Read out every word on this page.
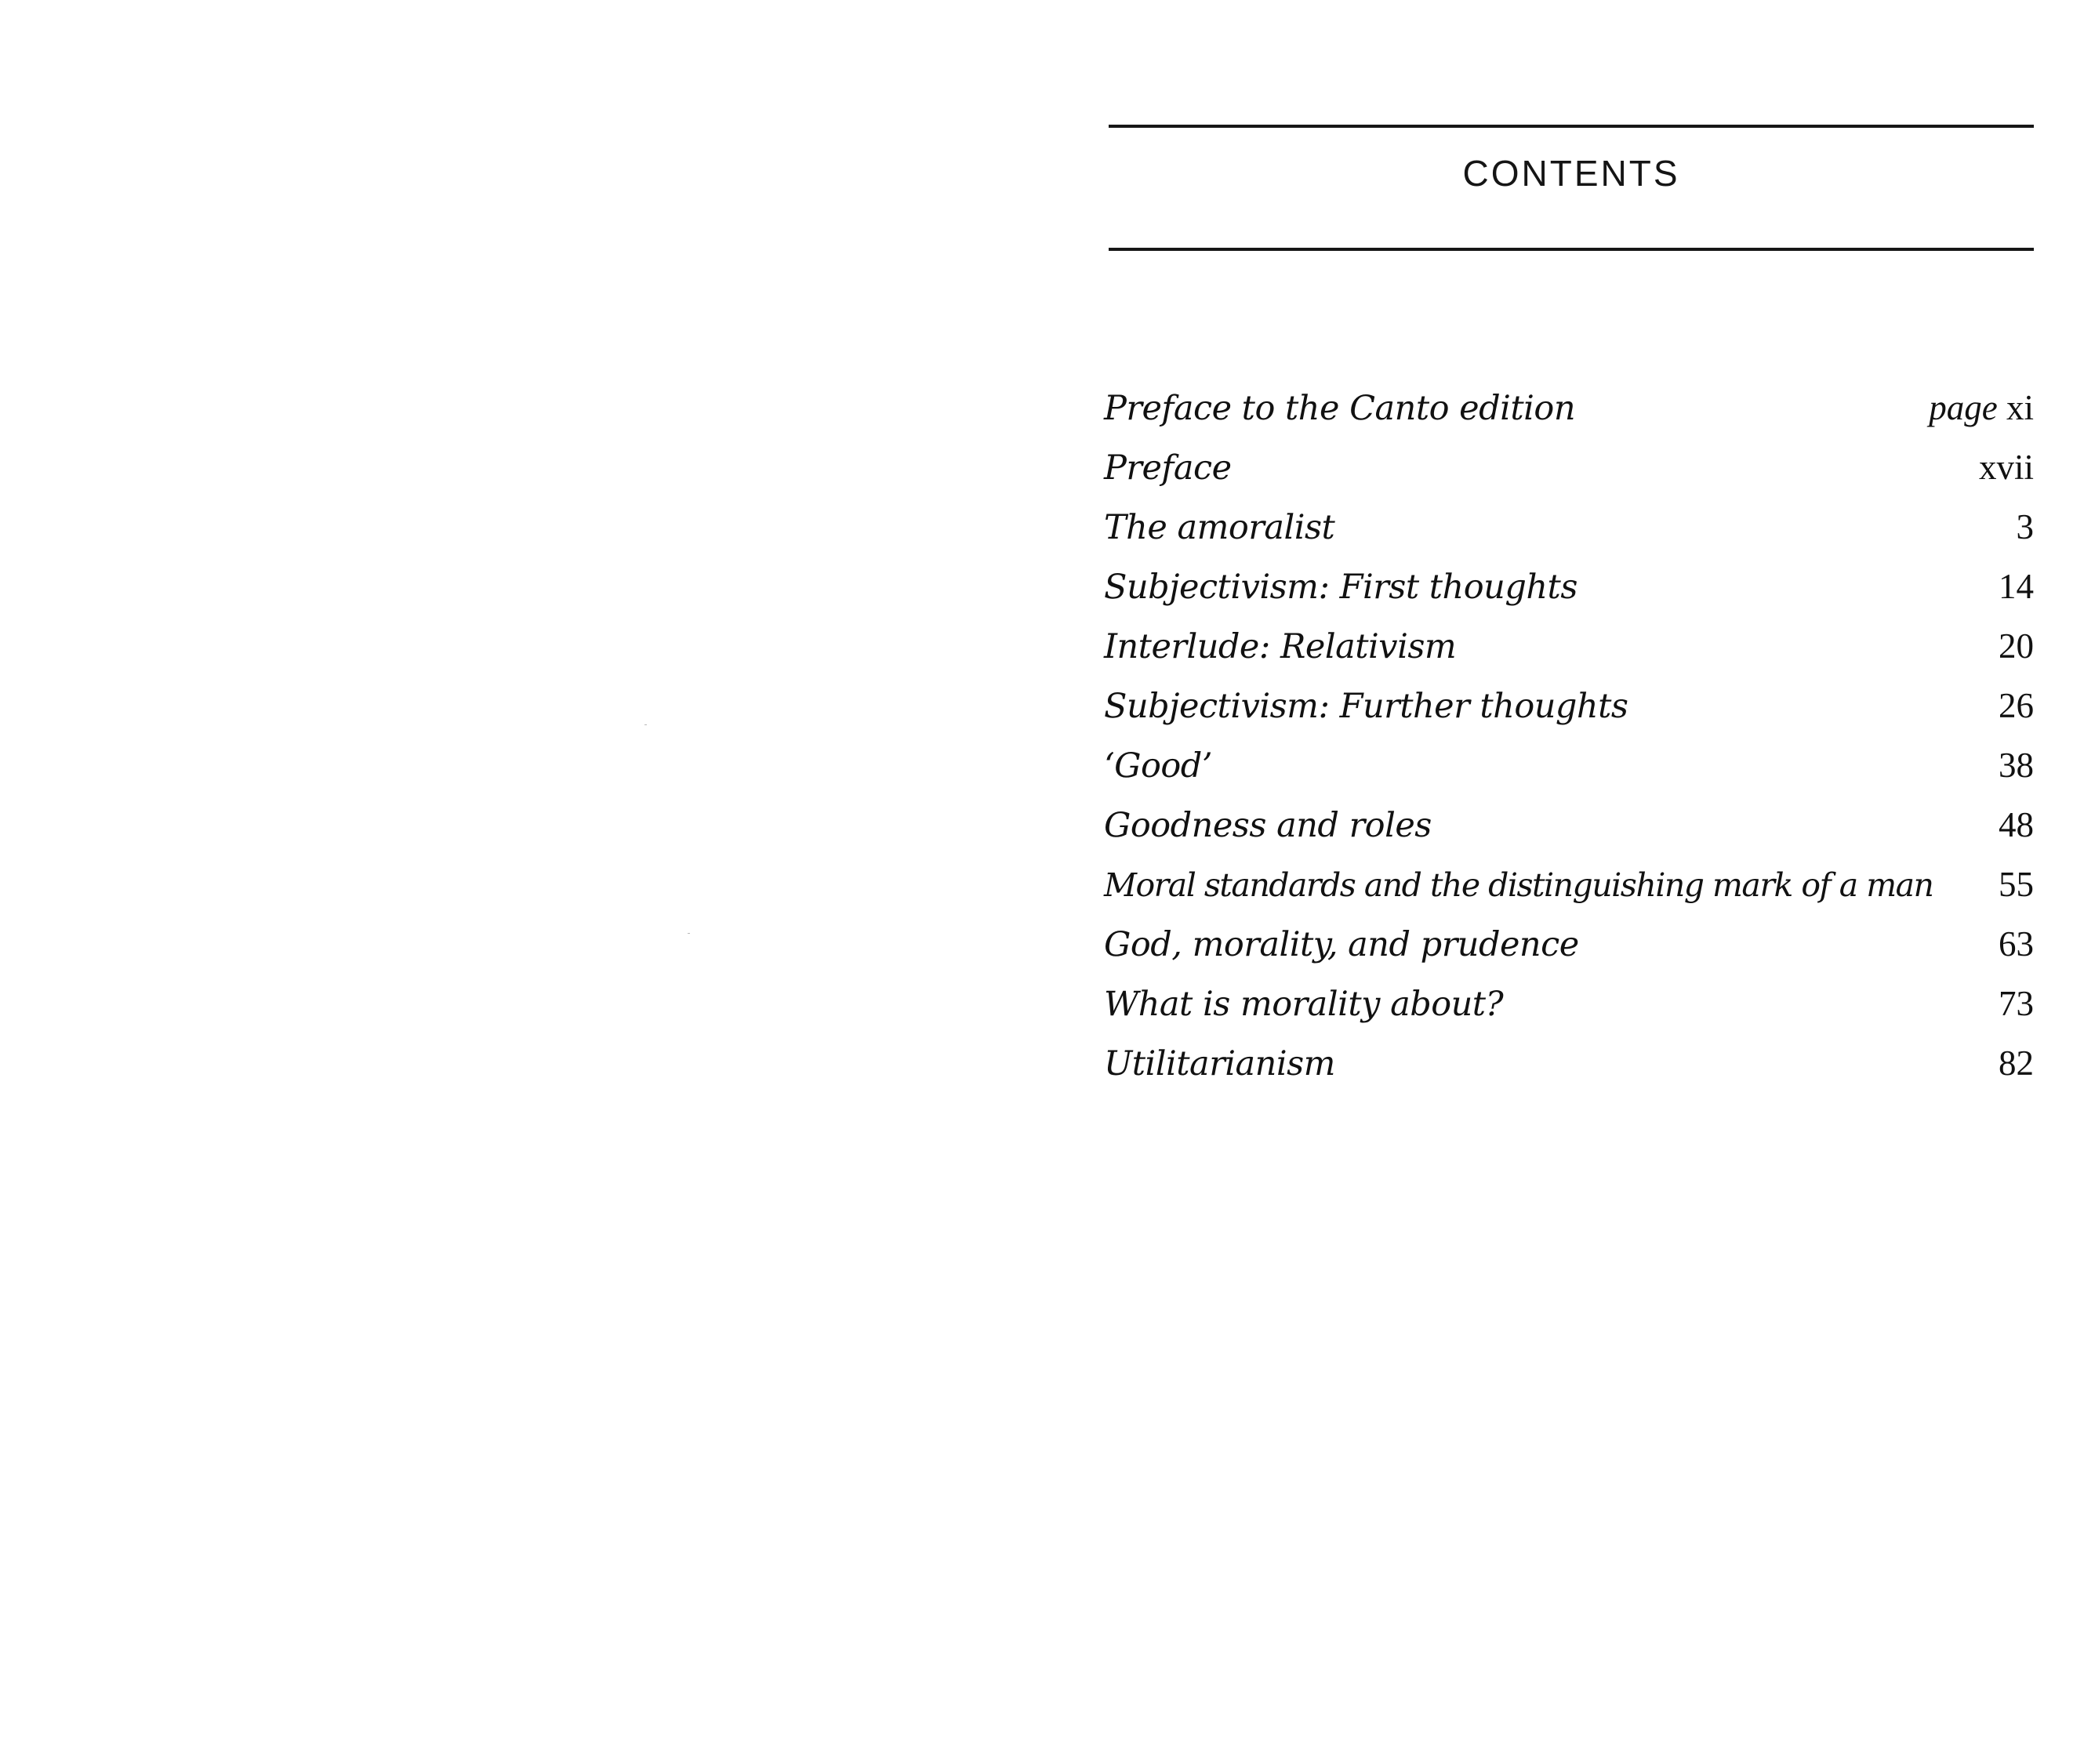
CONTENTS
Preface to the Canto edition	page xi
Preface	xvii
The amoralist	3
Subjectivism: First thoughts	14
Interlude: Relativism	20
Subjectivism: Further thoughts	26
‘Good’	38
Goodness and roles	48
Moral standards and the distinguishing mark of a man 55
God, morality, and prudence	63
What is morality about?	73
Utilitarianism	82
